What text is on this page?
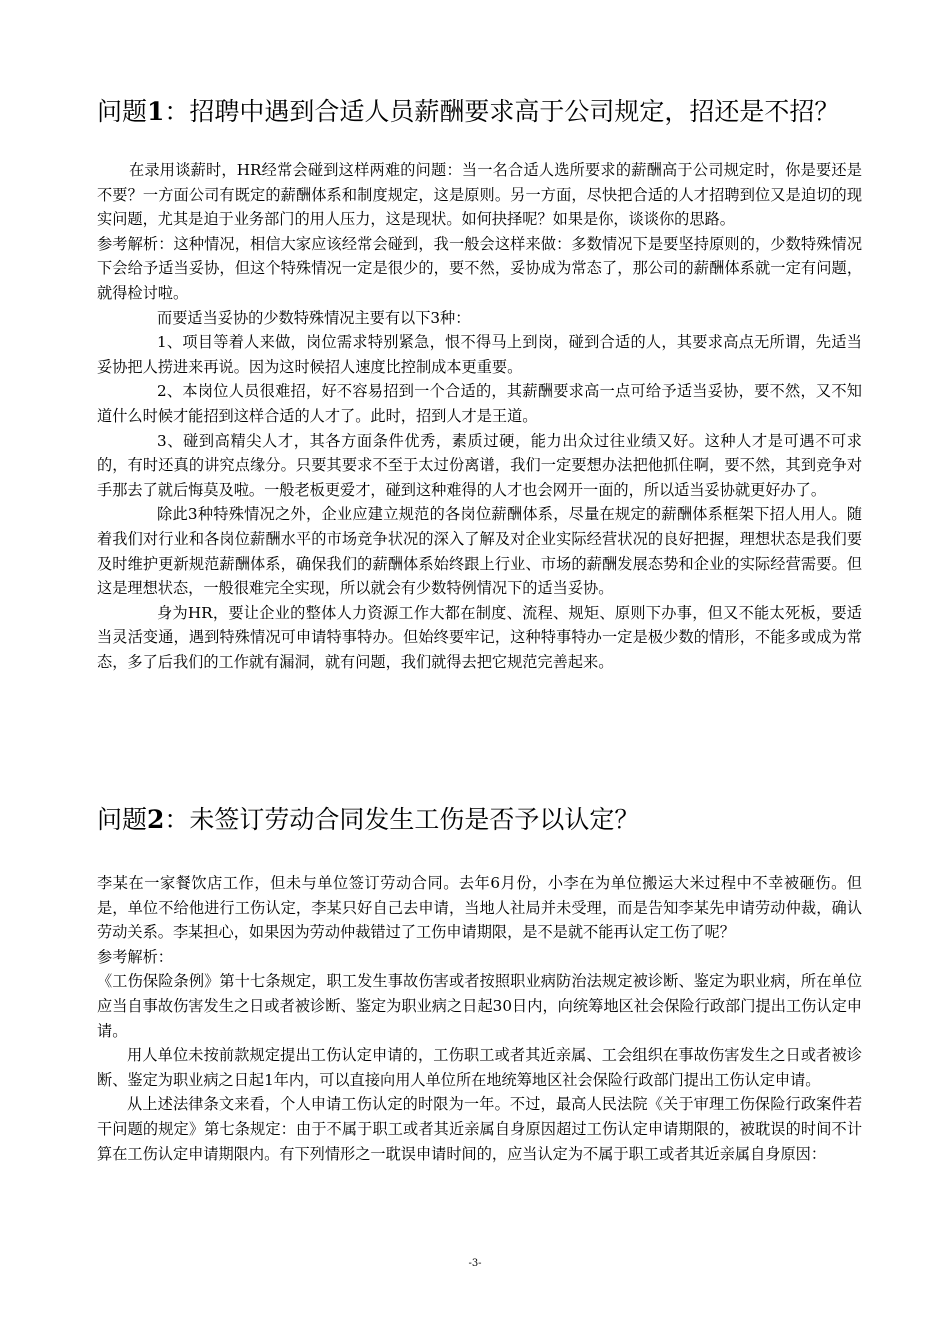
问题1：招聘中遇到合适人员薪酬要求高于公司规定，招还是不招？

在录用谈薪时，HR经常会碰到这样两难的问题：当一名合适人选所要求的薪酬高于公司规定时，你是要还是不要？一方面公司有既定的薪酬体系和制度规定，这是原则。另一方面，尽快把合适的人才招聘到位又是迫切的现实问题，尤其是迫于业务部门的用人压力，这是现状。如何抉择呢？如果是你，谈谈你的思路。

参考解析：这种情况，相信大家应该经常会碰到，我一般会这样来做：多数情况下是要坚持原则的，少数特殊情况下会给予适当妥协，但这个特殊情况一定是很少的，要不然，妥协成为常态了，那公司的薪酬体系就一定有问题，就得检讨啦。

而要适当妥协的少数特殊情况主要有以下3种：

1、项目等着人来做，岗位需求特别紧急，恨不得马上到岗，碰到合适的人，其要求高点无所谓，先适当妥协把人捞进来再说。因为这时候招人速度比控制成本更重要。

2、本岗位人员很难招，好不容易招到一个合适的，其薪酬要求高一点可给予适当妥协，要不然，又不知道什么时候才能招到这样合适的人才了。此时，招到人才是王道。

3、碰到高精尖人才，其各方面条件优秀，素质过硬，能力出众过往业绩又好。这种人才是可遇不可求的，有时还真的讲究点缘分。只要其要求不至于太过份离谱，我们一定要想办法把他抓住啊，要不然，其到竞争对手那去了就后悔莫及啦。一般老板更爱才，碰到这种难得的人才也会网开一面的，所以适当妥协就更好办了。

除此3种特殊情况之外，企业应建立规范的各岗位薪酬体系，尽量在规定的薪酬体系框架下招人用人。随着我们对行业和各岗位薪酬水平的市场竞争状况的深入了解及对企业实际经营状况的良好把握，理想状态是我们要及时维护更新规范薪酬体系，确保我们的薪酬体系始终跟上行业、市场的薪酬发展态势和企业的实际经营需要。但这是理想状态，一般很难完全实现，所以就会有少数特例情况下的适当妥协。

身为HR，要让企业的整体人力资源工作大都在制度、流程、规矩、原则下办事，但又不能太死板，要适当灵活变通，遇到特殊情况可申请特事特办。但始终要牢记，这种特事特办一定是极少数的情形，不能多或成为常态，多了后我们的工作就有漏洞，就有问题，我们就得去把它规范完善起来。

问题2：未签订劳动合同发生工伤是否予以认定？

李某在一家餐饮店工作，但未与单位签订劳动合同。去年6月份，小李在为单位搬运大米过程中不幸被砸伤。但是，单位不给他进行工伤认定，李某只好自己去申请，当地人社局并未受理，而是告知李某先申请劳动仲裁，确认劳动关系。李某担心，如果因为劳动仲裁错过了工伤申请期限，是不是就不能再认定工伤了呢？

参考解析：

《工伤保险条例》第十七条规定，职工发生事故伤害或者按照职业病防治法规定被诊断、鉴定为职业病，所在单位应当自事故伤害发生之日或者被诊断、鉴定为职业病之日起30日内，向统筹地区社会保险行政部门提出工伤认定申请。

用人单位未按前款规定提出工伤认定申请的，工伤职工或者其近亲属、工会组织在事故伤害发生之日或者被诊断、鉴定为职业病之日起1年内，可以直接向用人单位所在地统筹地区社会保险行政部门提出工伤认定申请。

从上述法律条文来看，个人申请工伤认定的时限为一年。不过，最高人民法院《关于审理工伤保险行政案件若干问题的规定》第七条规定：由于不属于职工或者其近亲属自身原因超过工伤认定申请期限的，被耽误的时间不计算在工伤认定申请期限内。有下列情形之一耽误申请时间的，应当认定为不属于职工或者其近亲属自身原因：

-3-
